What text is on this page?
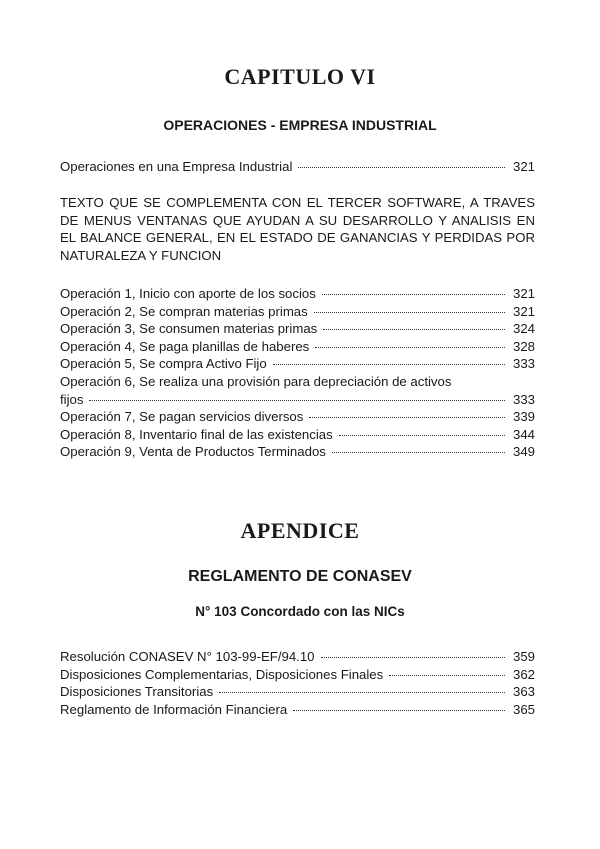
CAPITULO VI
OPERACIONES - EMPRESA INDUSTRIAL
Operaciones en una Empresa Industrial	321
TEXTO QUE SE COMPLEMENTA CON EL TERCER SOFTWARE, A TRAVES DE MENUS VENTANAS QUE AYUDAN A SU DESARROLLO Y ANALISIS EN EL BALANCE GENERAL, EN EL ESTADO DE GANANCIAS Y PERDIDAS POR NATURALEZA Y FUNCION
Operación 1, Inicio con aporte de los socios	321
Operación 2, Se compran materias primas	321
Operación 3, Se consumen materias primas	324
Operación 4, Se paga planillas de haberes	328
Operación 5, Se compra Activo Fijo	333
Operación 6, Se realiza una provisión para depreciación de activos
fijos	333
Operación 7, Se pagan servicios diversos	339
Operación 8, Inventario final de las existencias	344
Operación 9, Venta de Productos Terminados	349
APENDICE
REGLAMENTO DE CONASEV
N° 103 Concordado con las NICs
Resolución CONASEV N° 103-99-EF/94.10	359
Disposiciones Complementarias, Disposiciones Finales	362
Disposiciones Transitorias	363
Reglamento de Información Financiera	365
